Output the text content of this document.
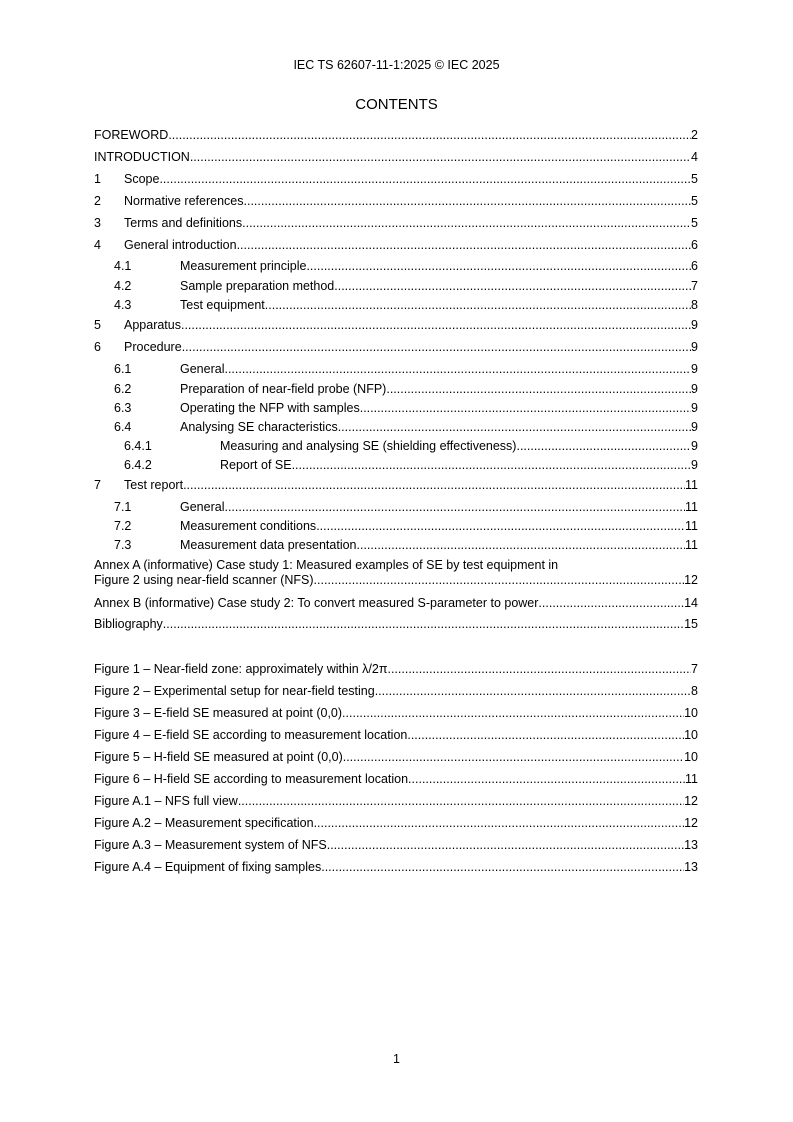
IEC TS 62607-11-1:2025 © IEC 2025
CONTENTS
FOREWORD .....	2
INTRODUCTION .....	4
1	Scope .....	5
2	Normative references .....	5
3	Terms and definitions .....	5
4	General introduction .....	6
4.1	Measurement principle .....	6
4.2	Sample preparation method .....	7
4.3	Test equipment .....	8
5	Apparatus .....	9
6	Procedure .....	9
6.1	General .....	9
6.2	Preparation of near-field probe (NFP) .....	9
6.3	Operating the NFP with samples .....	9
6.4	Analysing SE characteristics .....	9
6.4.1	Measuring and analysing SE (shielding effectiveness) .....	9
6.4.2	Report of SE .....	9
7	Test report .....	11
7.1	General .....	11
7.2	Measurement conditions .....	11
7.3	Measurement data presentation .....	11
Annex A (informative) Case study 1: Measured examples of SE by test equipment in
Figure 2 using near-field scanner (NFS) .....	12
Annex B (informative) Case study 2: To convert measured S-parameter to power .....	14
Bibliography .....	15
Figure 1 – Near-field zone: approximately within λ/2π .....	7
Figure 2 – Experimental setup for near-field testing .....	8
Figure 3 – E-field SE measured at point (0,0) .....	10
Figure 4 – E-field SE according to measurement location .....	10
Figure 5 – H-field SE measured at point (0,0) .....	10
Figure 6 – H-field SE according to measurement location .....	11
Figure A.1 – NFS full view .....	12
Figure A.2 – Measurement specification .....	12
Figure A.3 – Measurement system of NFS .....	13
Figure A.4 – Equipment of fixing samples .....	13
1
